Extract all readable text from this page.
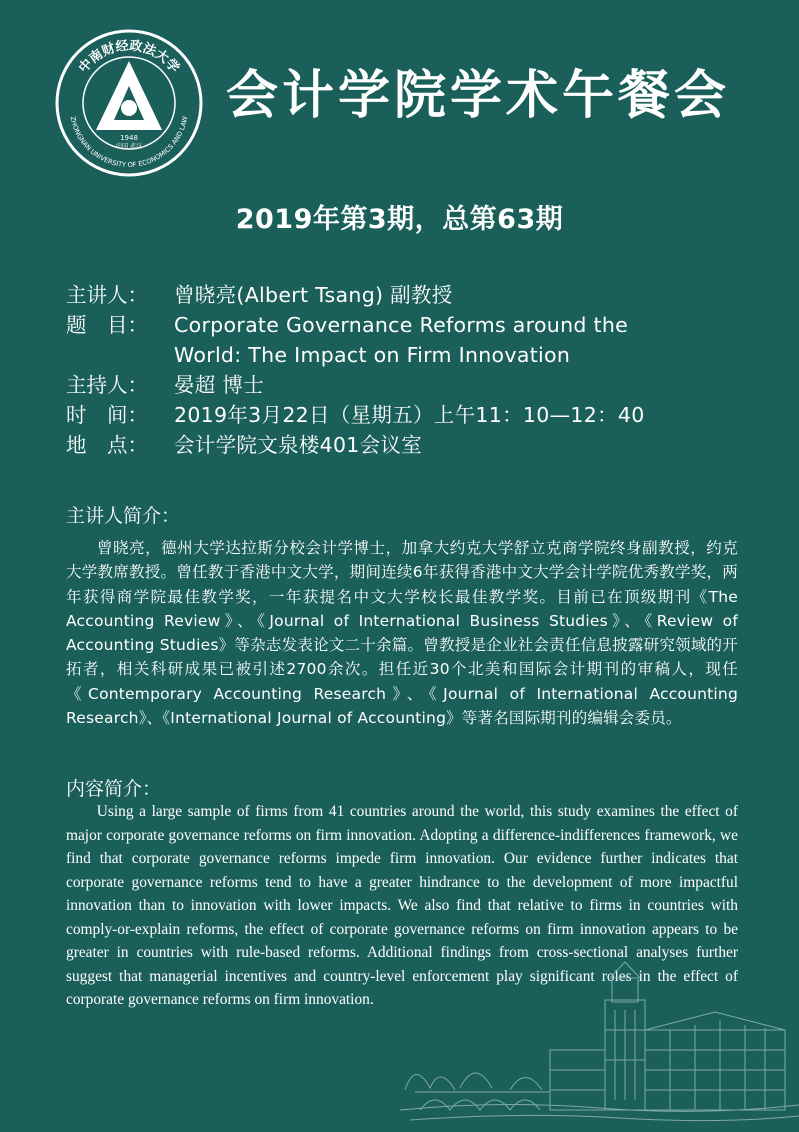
中南财经政法大学
ZHONGNAN UNIVERSITY OF ECONOMICS AND LAW
1948
中国 武汉
会计学院学术午餐会
2019年第3期，总第63期
主讲人：	曾晓亮(Albert Tsang) 副教授
题　目：	Corporate Governance Reforms around the
World: The Impact on Firm Innovation
主持人：	晏超 博士
时　间：	2019年3月22日（星期五）上午11：10—12：40
地　点：	会计学院文泉楼401会议室
主讲人简介：
曾晓亮，德州大学达拉斯分校会计学博士，加拿大约克大学舒立克商学院终身副教授，约克大学教席教授。曾任教于香港中文大学，期间连续6年获得香港中文大学会计学院优秀教学奖，两年获得商学院最佳教学奖，一年获提名中文大学校长最佳教学奖。目前已在顶级期刊《The Accounting Review》、《Journal of International Business Studies》、《Review of Accounting Studies》等杂志发表论文二十余篇。曾教授是企业社会责任信息披露研究领域的开拓者，相关科研成果已被引述2700余次。担任近30个北美和国际会计期刊的审稿人，现任《Contemporary Accounting Research》、《Journal of International Accounting Research》、《International Journal of Accounting》等著名国际期刊的编辑会委员。
内容简介：
Using a large sample of firms from 41 countries around the world, this study examines the effect of major corporate governance reforms on firm innovation. Adopting a difference-indifferences framework, we find that corporate governance reforms impede firm innovation. Our evidence further indicates that corporate governance reforms tend to have a greater hindrance to the development of more impactful innovation than to innovation with lower impacts. We also find that relative to firms in countries with comply-or-explain reforms, the effect of corporate governance reforms on firm innovation appears to be greater in countries with rule-based reforms. Additional findings from cross-sectional analyses further suggest that managerial incentives and country-level enforcement play significant roles in the effect of corporate governance reforms on firm innovation.
